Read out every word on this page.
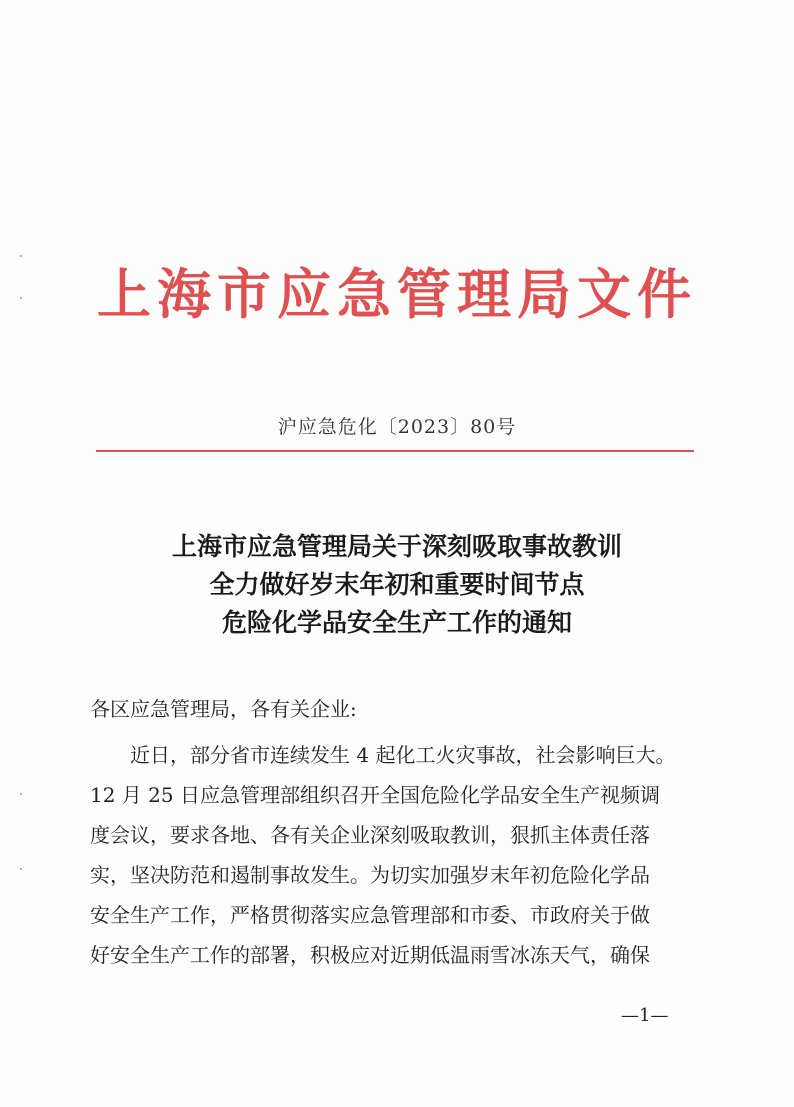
上海市应急管理局文件
沪应急危化〔2023〕80号
上海市应急管理局关于深刻吸取事故教训
全力做好岁末年初和重要时间节点
危险化学品安全生产工作的通知
各区应急管理局，各有关企业:
近日，部分省市连续发生 4 起化工火灾事故，社会影响巨大。
12 月 25 日应急管理部组织召开全国危险化学品安全生产视频调
度会议，要求各地、各有关企业深刻吸取教训，狠抓主体责任落
实，坚决防范和遏制事故发生。为切实加强岁末年初危险化学品
安全生产工作，严格贯彻落实应急管理部和市委、市政府关于做
好安全生产工作的部署，积极应对近期低温雨雪冰冻天气，确保
—1—
